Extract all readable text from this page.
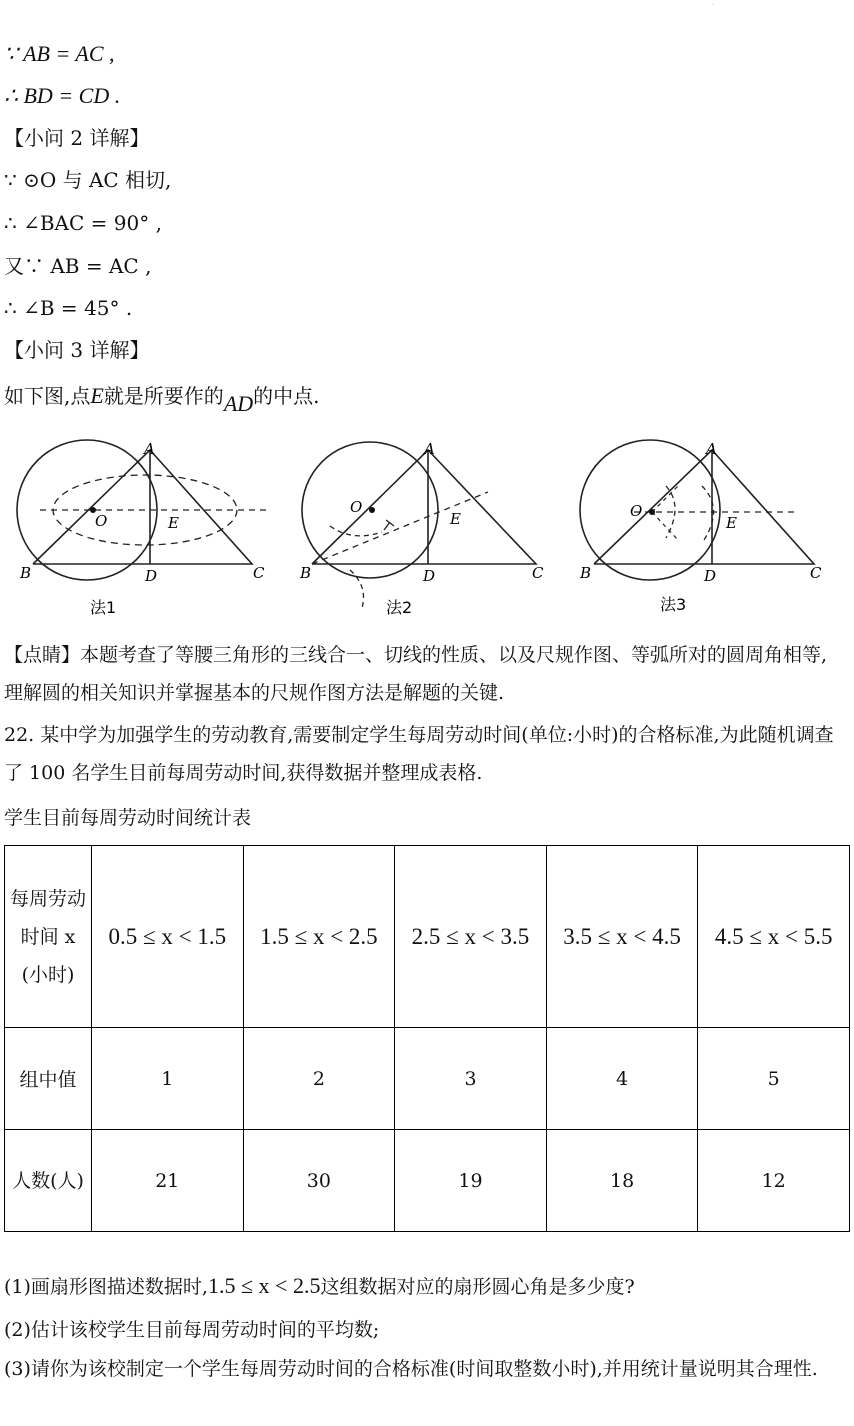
·
∵ AB = AC ,
∴ BD = CD .
【小问 2 详解】
∵ ⊙O 与 AC 相切,
∴ ∠BAC = 90° ,
又∵ AB = AC ,
∴ ∠B = 45° .
【小问 3 详解】
如下图,点E就是所要作的AD的中点.
A
B	C
D
O	E
法1
A
B	C
D
O
E
法2
A
B	C
D
O
E
法3
【点睛】本题考查了等腰三角形的三线合一、切线的性质、以及尺规作图、等弧所对的圆周角相等,理解圆的相关知识并掌握基本的尺规作图方法是解题的关键.
22. 某中学为加强学生的劳动教育,需要制定学生每周劳动时间(单位:小时)的合格标准,为此随机调查了 100 名学生目前每周劳动时间,获得数据并整理成表格.
学生目前每周劳动时间统计表
每周劳动时间 x (小时)	0.5 ≤ x < 1.5	1.5 ≤ x < 2.5	2.5 ≤ x < 3.5	3.5 ≤ x < 4.5	4.5 ≤ x < 5.5
组中值	1	2	3	4	5
人数(人)	21	30	19	18	12
(1)画扇形图描述数据时,1.5 ≤ x < 2.5这组数据对应的扇形圆心角是多少度?
(2)估计该校学生目前每周劳动时间的平均数;
(3)请你为该校制定一个学生每周劳动时间的合格标准(时间取整数小时),并用统计量说明其合理性.
